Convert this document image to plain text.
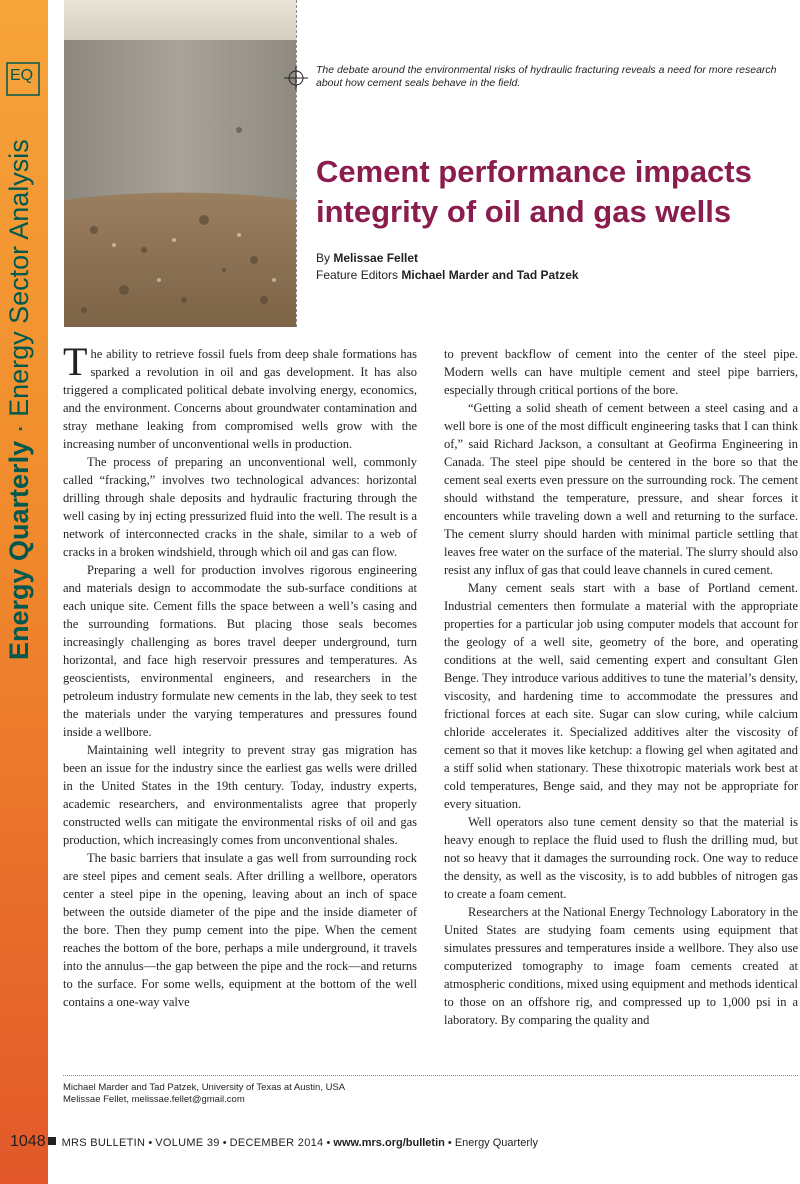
EQ
Energy Quarterly · Energy Sector Analysis
The debate around the environmental risks of hydraulic fracturing reveals a need for more research about how cement seals behave in the field.
Cement performance impacts integrity of oil and gas wells
By Melissae Fellet
Feature Editors Michael Marder and Tad Patzek

The ability to retrieve fossil fuels from deep shale formations has sparked a revolution in oil and gas development. It has also triggered a complicated political debate involving energy, economics, and the environment. Concerns about groundwater contamination and stray methane leaking from compromised wells grow with the increasing number of unconventional wells in production.

The process of preparing an unconventional well, commonly called “fracking,” involves two technological advances: horizontal drilling through shale deposits and hydraulic fracturing through the well casing by inj ecting pressurized fluid into the well. The result is a network of interconnected cracks in the shale, similar to a web of cracks in a broken windshield, through which oil and gas can flow.

Preparing a well for production involves rigorous engineering and materials design to accommodate the sub-surface conditions at each unique site. Cement fills the space between a well’s casing and the surrounding formations. But placing those seals becomes increasingly challenging as bores travel deeper underground, turn horizontal, and face high reservoir pressures and temperatures. As geoscientists, environmental engineers, and researchers in the petroleum industry formulate new cements in the lab, they seek to test the materials under the varying temperatures and pressures found inside a wellbore.

Maintaining well integrity to prevent stray gas migration has been an issue for the industry since the earliest gas wells were drilled in the United States in the 19th century. Today, industry experts, academic researchers, and environmentalists agree that properly constructed wells can mitigate the environmental risks of oil and gas production, which increasingly comes from unconventional shales.

The basic barriers that insulate a gas well from surrounding rock are steel pipes and cement seals. After drilling a wellbore, operators center a steel pipe in the opening, leaving about an inch of space between the outside diameter of the pipe and the inside diameter of the bore. Then they pump cement into the pipe. When the cement reaches the bottom of the bore, perhaps a mile underground, it travels into the annulus—the gap between the pipe and the rock—and returns to the surface. For some wells, equipment at the bottom of the well contains a one-way valve

to prevent backflow of cement into the center of the steel pipe. Modern wells can have multiple cement and steel pipe barriers, especially through critical portions of the bore.

“Getting a solid sheath of cement between a steel casing and a well bore is one of the most difficult engineering tasks that I can think of,” said Richard Jackson, a consultant at Geofirma Engineering in Canada. The steel pipe should be centered in the bore so that the cement seal exerts even pressure on the surrounding rock. The cement should withstand the temperature, pressure, and shear forces it encounters while traveling down a well and returning to the surface. The cement slurry should harden with minimal particle settling that leaves free water on the surface of the material. The slurry should also resist any influx of gas that could leave channels in cured cement.

Many cement seals start with a base of Portland cement. Industrial cementers then formulate a material with the appropriate properties for a particular job using computer models that account for the geology of a well site, geometry of the bore, and operating conditions at the well, said cementing expert and consultant Glen Benge. They introduce various additives to tune the material’s density, viscosity, and hardening time to accommodate the pressures and frictional forces at each site. Sugar can slow curing, while calcium chloride accelerates it. Specialized additives alter the viscosity of cement so that it moves like ketchup: a flowing gel when agitated and a stiff solid when stationary. These thixotropic materials work best at cold temperatures, Benge said, and they may not be appropriate for every situation.

Well operators also tune cement density so that the material is heavy enough to replace the fluid used to flush the drilling mud, but not so heavy that it damages the surrounding rock. One way to reduce the density, as well as the viscosity, is to add bubbles of nitrogen gas to create a foam cement.

Researchers at the National Energy Technology Laboratory in the United States are studying foam cements using equipment that simulates pressures and temperatures inside a wellbore. They also use computerized tomography to image foam cements created at atmospheric conditions, mixed using equipment and methods identical to those on an offshore rig, and compressed up to 1,000 psi in a laboratory. By comparing the quality and

Michael Marder and Tad Patzek, University of Texas at Austin, USA
Melissae Fellet, melissae.fellet@gmail.com
1048 MRS BULLETIN • VOLUME 39 • DECEMBER 2014 • www.mrs.org/bulletin • Energy Quarterly
